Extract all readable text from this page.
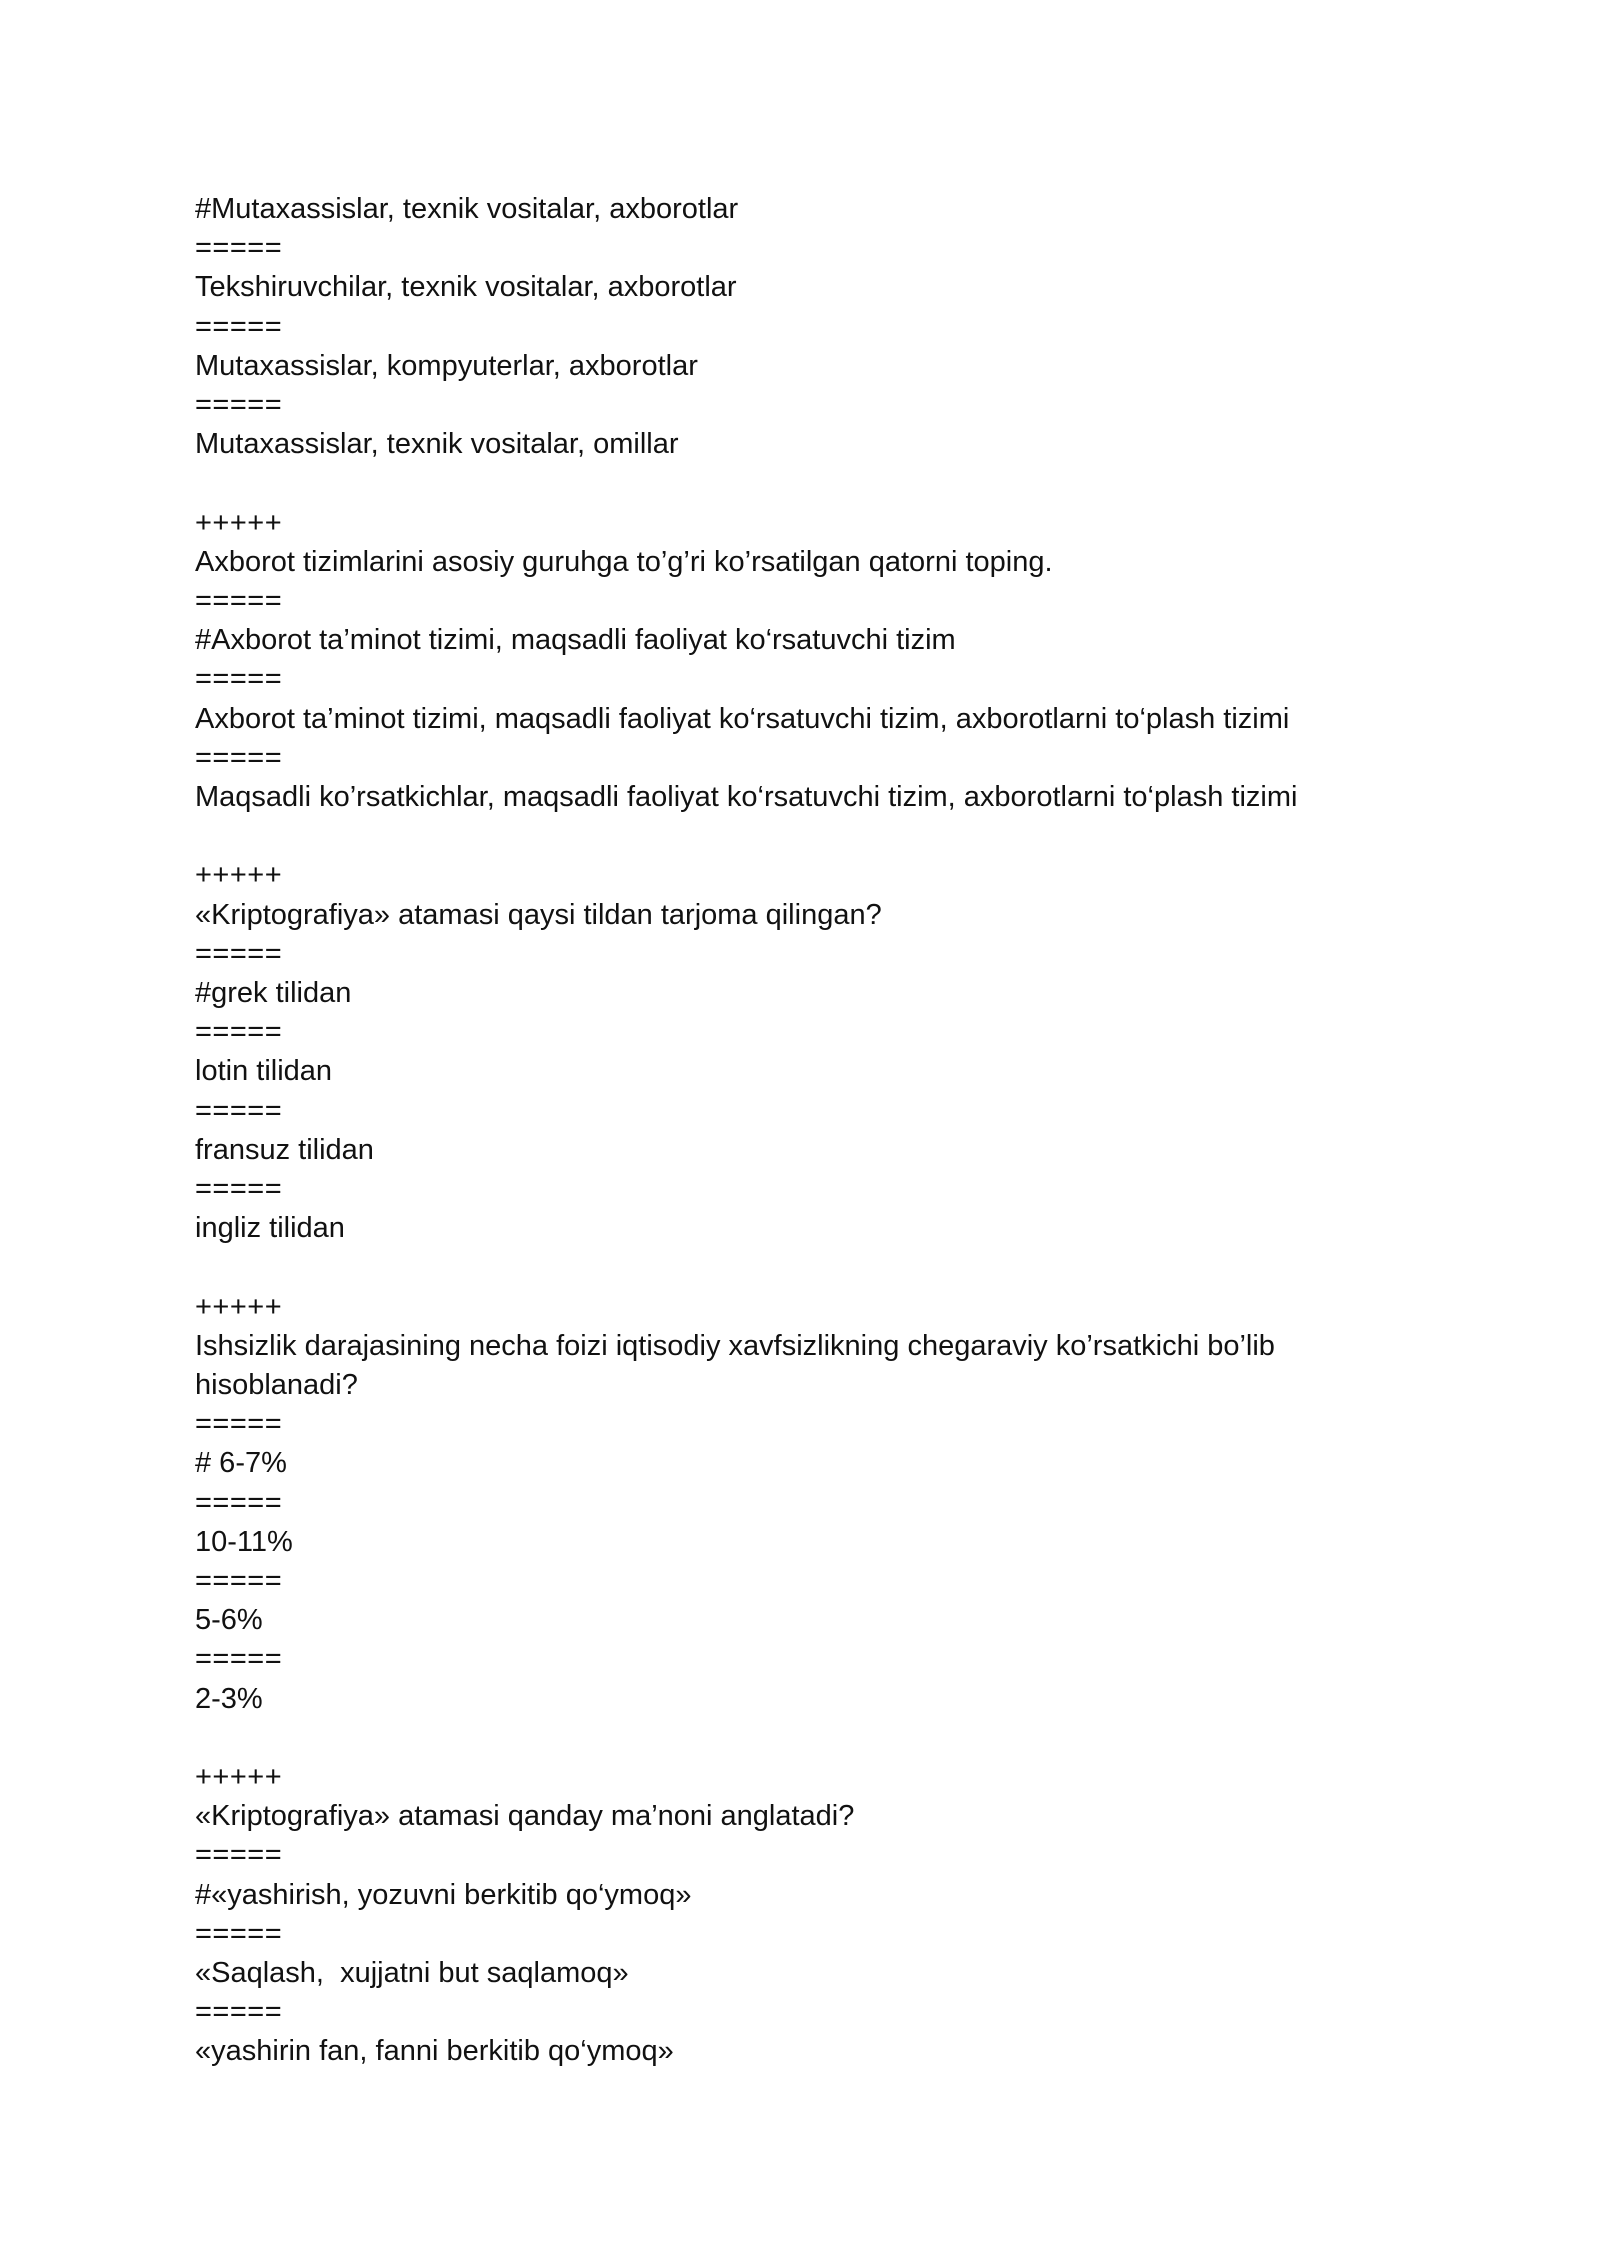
#Mutaxassislar, texnik vositalar, axborotlar

=====

Tekshiruvchilar, texnik vositalar, axborotlar

=====

Mutaxassislar, kompyuterlar, axborotlar

=====

Mutaxassislar, texnik vositalar, omillar

+++++

Axborot tizimlarini asosiy guruhga to’g’ri ko’rsatilgan qatorni toping.

=====

#Axborot ta’minot tizimi, maqsadli faoliyat ko‘rsatuvchi tizim

=====

Axborot ta’minot tizimi, maqsadli faoliyat ko‘rsatuvchi tizim, axborotlarni to‘plash tizimi

=====

Maqsadli ko’rsatkichlar, maqsadli faoliyat ko‘rsatuvchi tizim, axborotlarni to‘plash tizimi

+++++

«Kriptografiya» atamasi qaysi tildan tarjoma qilingan?

=====

#grek tilidan

=====

lotin tilidan

=====

fransuz tilidan

=====

ingliz tilidan

+++++

Ishsizlik darajasining necha foizi iqtisodiy xavfsizlikning chegaraviy ko’rsatkichi bo’lib hisoblanadi?

=====

# 6-7%

=====

10-11%

=====

5-6%

=====

2-3%

+++++

«Kriptografiya» atamasi qanday ma’noni anglatadi?

=====

#«yashirish, yozuvni berkitib qo‘ymoq»

=====

«Saqlash,  xujjatni but saqlamoq»

=====

«yashirin fan, fanni berkitib qo‘ymoq»
